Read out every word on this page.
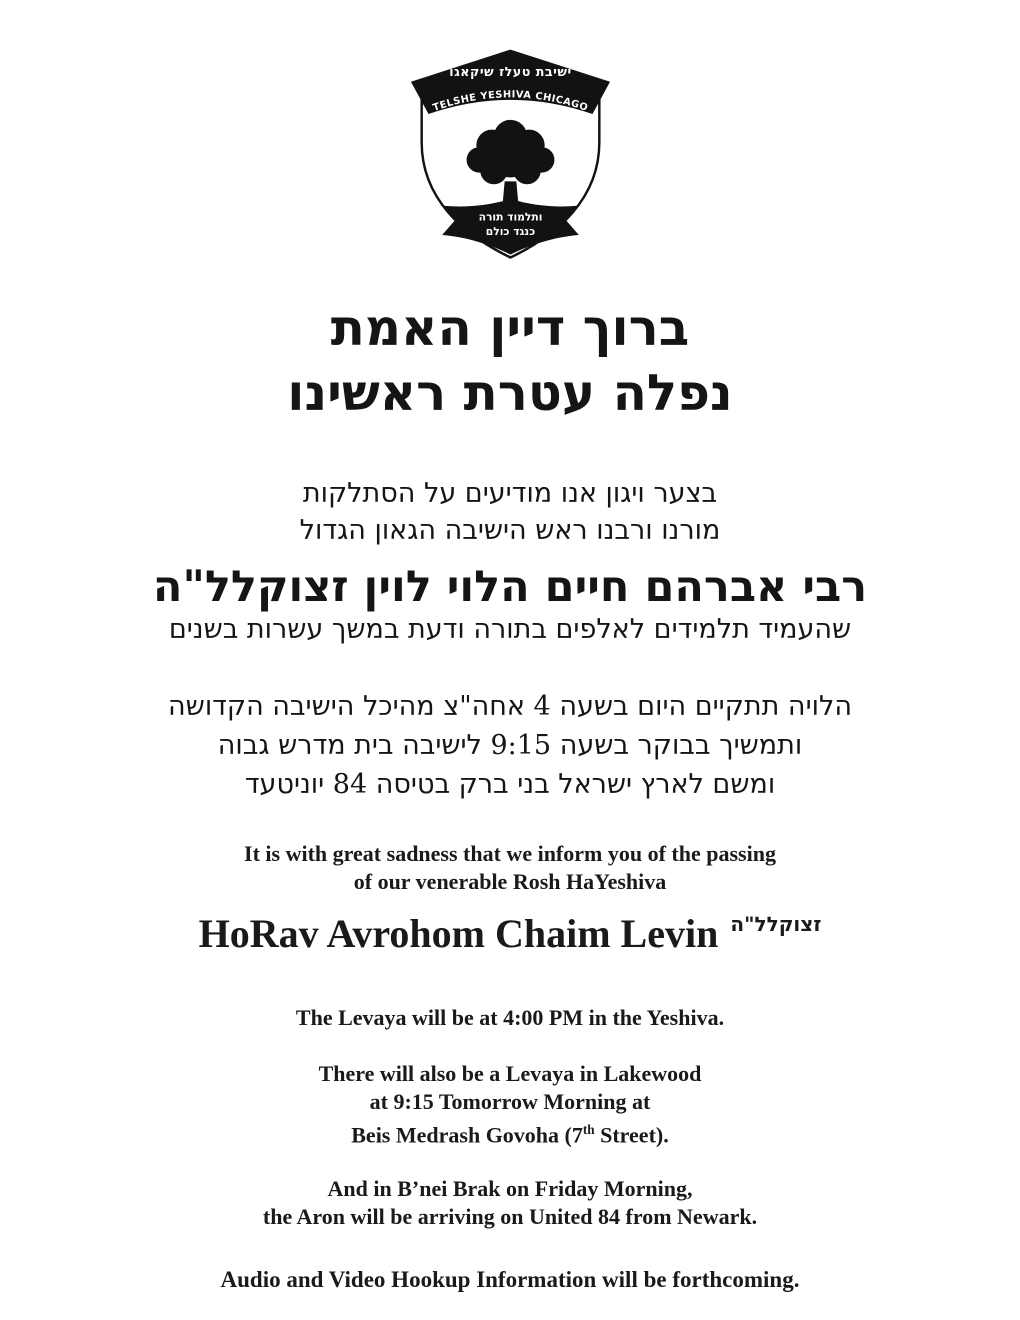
ישיבת טעלז שיקאגו
TELSHE YESHIVA CHICAGO
ותלמוד תורה
כנגד כולם
ברוך דיין האמת
נפלה עטרת ראשינו
בצער ויגון אנו מודיעים על הסתלקות
מורנו ורבנו ראש הישיבה הגאון הגדול
רבי אברהם חיים הלוי לוין זצוקלל"ה
שהעמיד תלמידים לאלפים בתורה ודעת במשך עשרות בשנים
הלויה תתקיים היום בשעה 4 אחה"צ מהיכל הישיבה הקדושה
ותמשיך בבוקר בשעה 9:15 לישיבה בית מדרש גבוה
ומשם לארץ ישראל בני ברק בטיסה 84 יוניטעד
It is with great sadness that we inform you of the passing
of our venerable Rosh HaYeshiva
HoRav Avrohom Chaim Levin $^{זצוקלל"ה}$
The Levaya will be at 4:00 PM in the Yeshiva.
There will also be a Levaya in Lakewood
at 9:15 Tomorrow Morning at
Beis Medrash Govoha (7th Street).
And in B’nei Brak on Friday Morning,
the Aron will be arriving on United 84 from Newark.
Audio and Video Hookup Information will be forthcoming.
